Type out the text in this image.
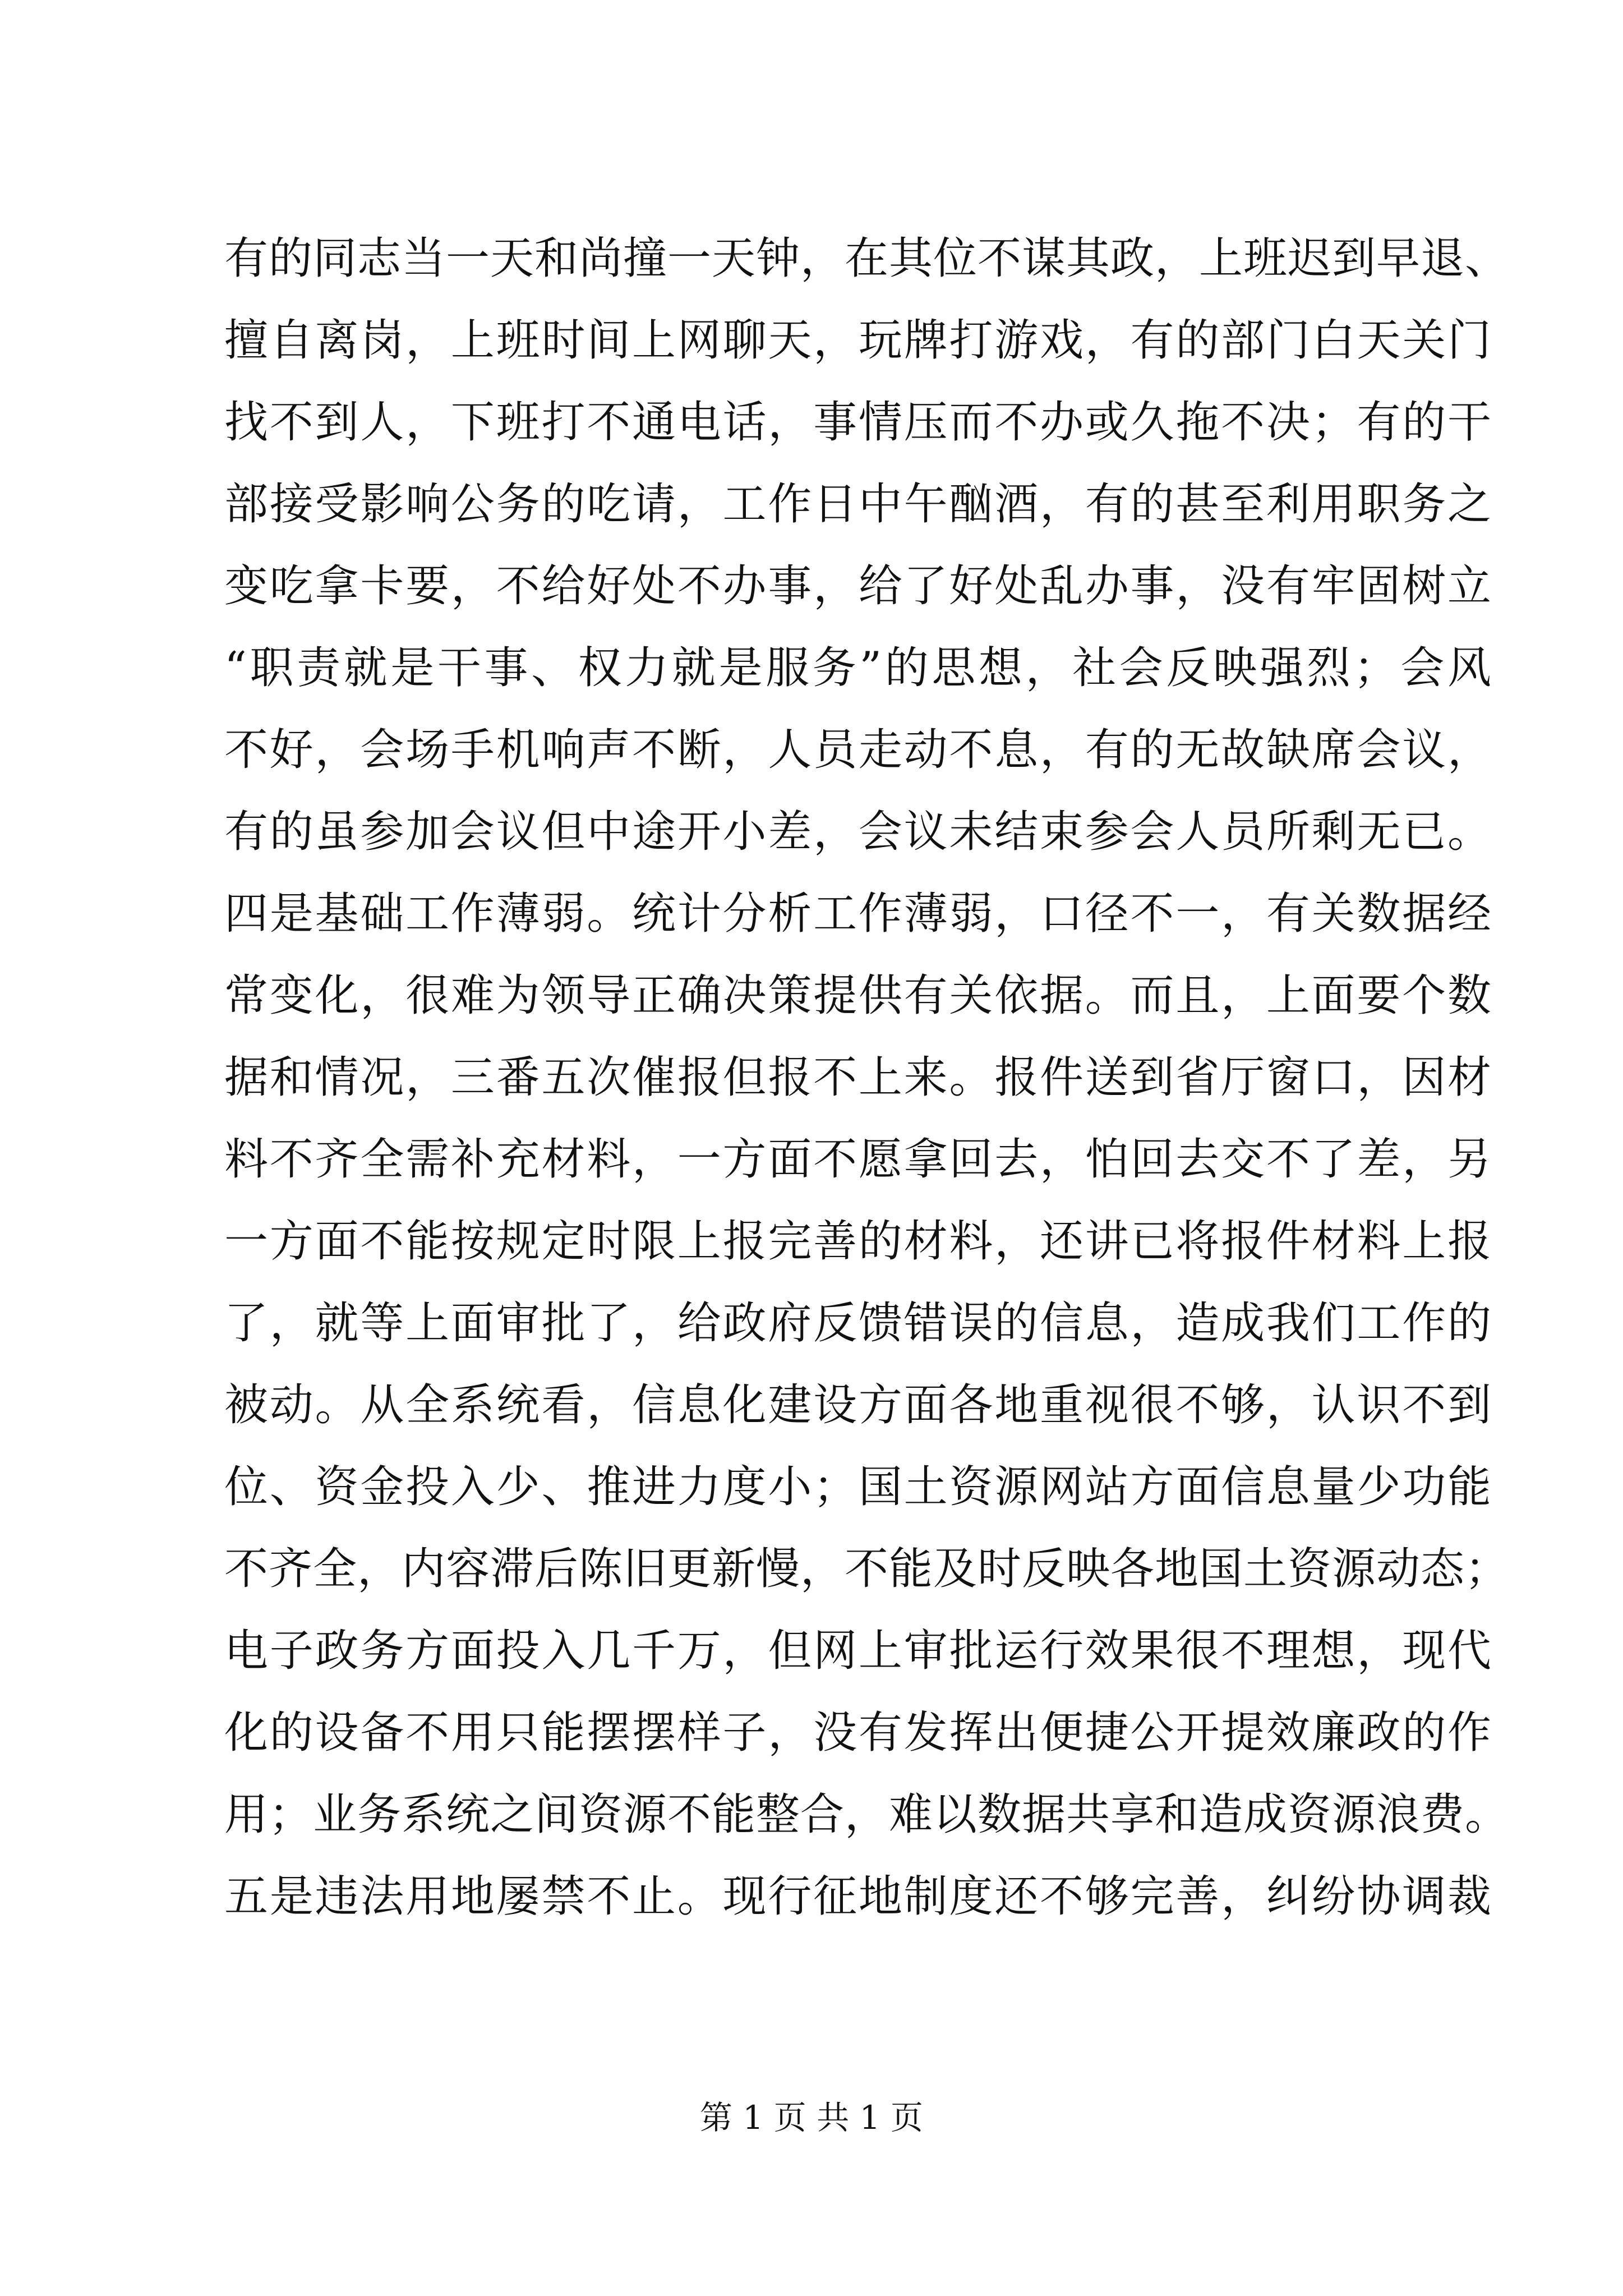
有的同志当一天和尚撞一天钟，在其位不谋其政，上班迟到早退、
擅自离岗，上班时间上网聊天，玩牌打游戏，有的部门白天关门
找不到人，下班打不通电话，事情压而不办或久拖不决；有的干
部接受影响公务的吃请，工作日中午酗酒，有的甚至利用职务之
变吃拿卡要，不给好处不办事，给了好处乱办事，没有牢固树立
“职责就是干事、权力就是服务”的思想，社会反映强烈；会风
不好，会场手机响声不断，人员走动不息，有的无故缺席会议，
有的虽参加会议但中途开小差，会议未结束参会人员所剩无已。
四是基础工作薄弱。统计分析工作薄弱，口径不一，有关数据经
常变化，很难为领导正确决策提供有关依据。而且，上面要个数
据和情况，三番五次催报但报不上来。报件送到省厅窗口，因材
料不齐全需补充材料，一方面不愿拿回去，怕回去交不了差，另
一方面不能按规定时限上报完善的材料，还讲已将报件材料上报
了，就等上面审批了，给政府反馈错误的信息，造成我们工作的
被动。从全系统看，信息化建设方面各地重视很不够，认识不到
位、资金投入少、推进力度小；国土资源网站方面信息量少功能
不齐全，内容滞后陈旧更新慢，不能及时反映各地国土资源动态；
电子政务方面投入几千万，但网上审批运行效果很不理想，现代
化的设备不用只能摆摆样子，没有发挥出便捷公开提效廉政的作
用；业务系统之间资源不能整合，难以数据共享和造成资源浪费。
五是违法用地屡禁不止。现行征地制度还不够完善，纠纷协调裁
第 1 页 共 1 页
